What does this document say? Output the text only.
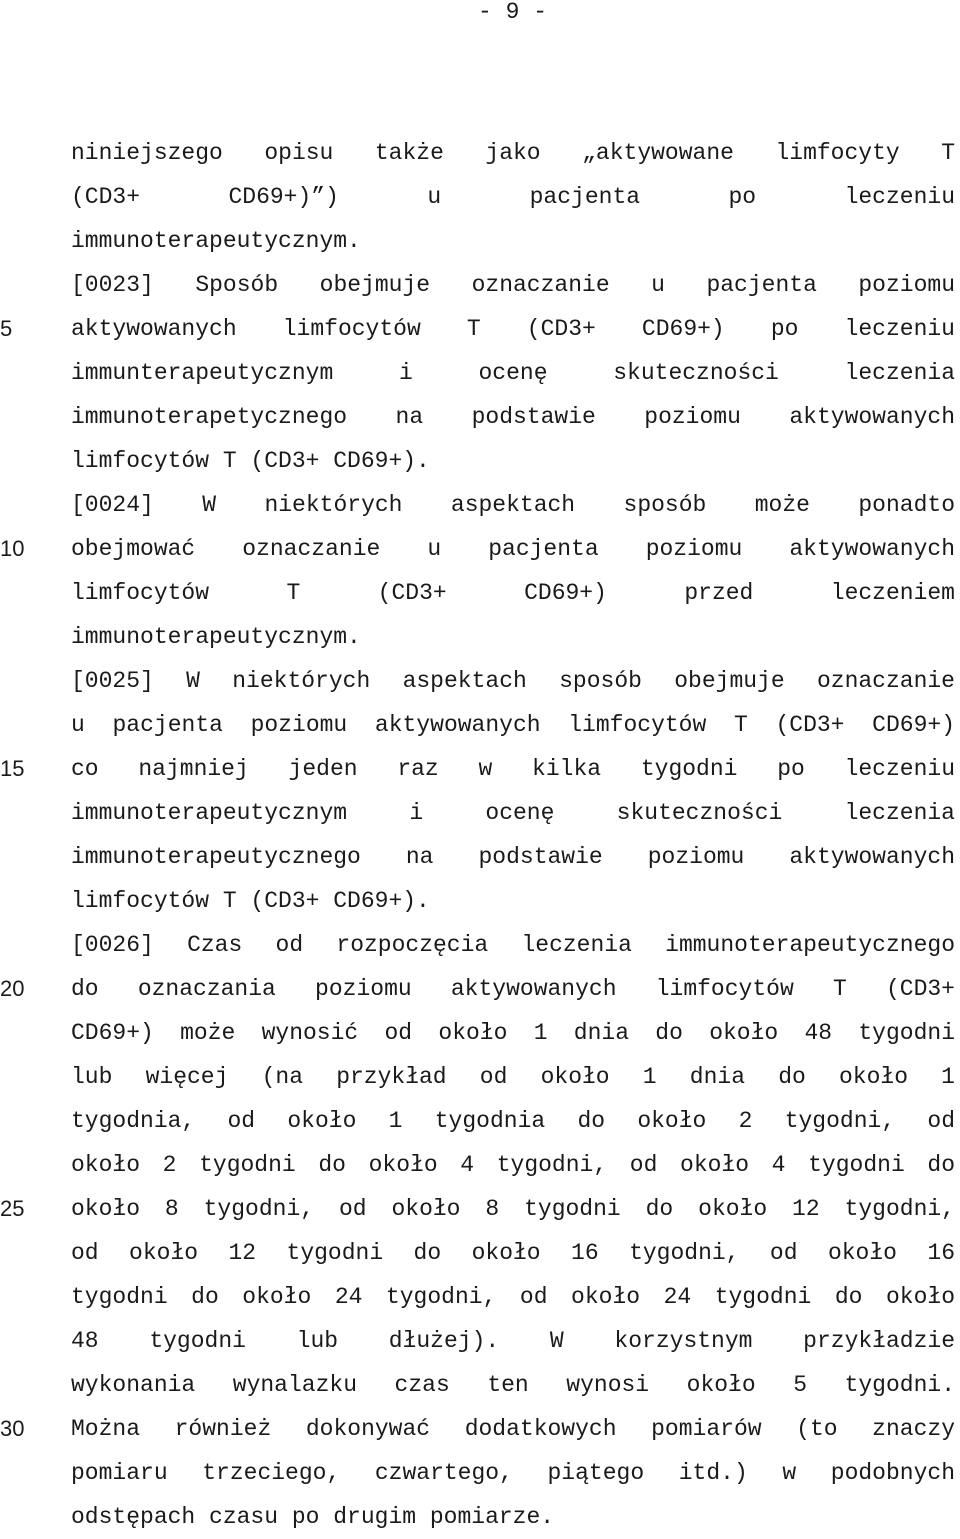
- 9 -
5
10
15
20
25
30
niniejszego opisu także jako „aktywowane limfocyty T
(CD3+ CD69+)”) u pacjenta po leczeniu
immunoterapeutycznym.
[0023] Sposób obejmuje oznaczanie u pacjenta poziomu
aktywowanych limfocytów T (CD3+ CD69+) po leczeniu
immunterapeutycznym i ocenę skuteczności leczenia
immunoterapetycznego na podstawie poziomu aktywowanych
limfocytów T (CD3+ CD69+).
[0024] W niektórych aspektach sposób może ponadto
obejmować oznaczanie u pacjenta poziomu aktywowanych
limfocytów T (CD3+ CD69+) przed leczeniem
immunoterapeutycznym.
[0025] W niektórych aspektach sposób obejmuje oznaczanie
u pacjenta poziomu aktywowanych limfocytów T (CD3+ CD69+)
co najmniej jeden raz w kilka tygodni po leczeniu
immunoterapeutycznym i ocenę skuteczności leczenia
immunoterapeutycznego na podstawie poziomu aktywowanych
limfocytów T (CD3+ CD69+).
[0026] Czas od rozpoczęcia leczenia immunoterapeutycznego
do oznaczania poziomu aktywowanych limfocytów T (CD3+
CD69+) może wynosić od około 1 dnia do około 48 tygodni
lub więcej (na przykład od około 1 dnia do około 1
tygodnia, od około 1 tygodnia do około 2 tygodni, od
około 2 tygodni do około 4 tygodni, od około 4 tygodni do
około 8 tygodni, od około 8 tygodni do około 12 tygodni,
od około 12 tygodni do około 16 tygodni, od około 16
tygodni do około 24 tygodni, od około 24 tygodni do około
48 tygodni lub dłużej). W korzystnym przykładzie
wykonania wynalazku czas ten wynosi około 5 tygodni.
Można również dokonywać dodatkowych pomiarów (to znaczy
pomiaru trzeciego, czwartego, piątego itd.) w podobnych
odstępach czasu po drugim pomiarze.
